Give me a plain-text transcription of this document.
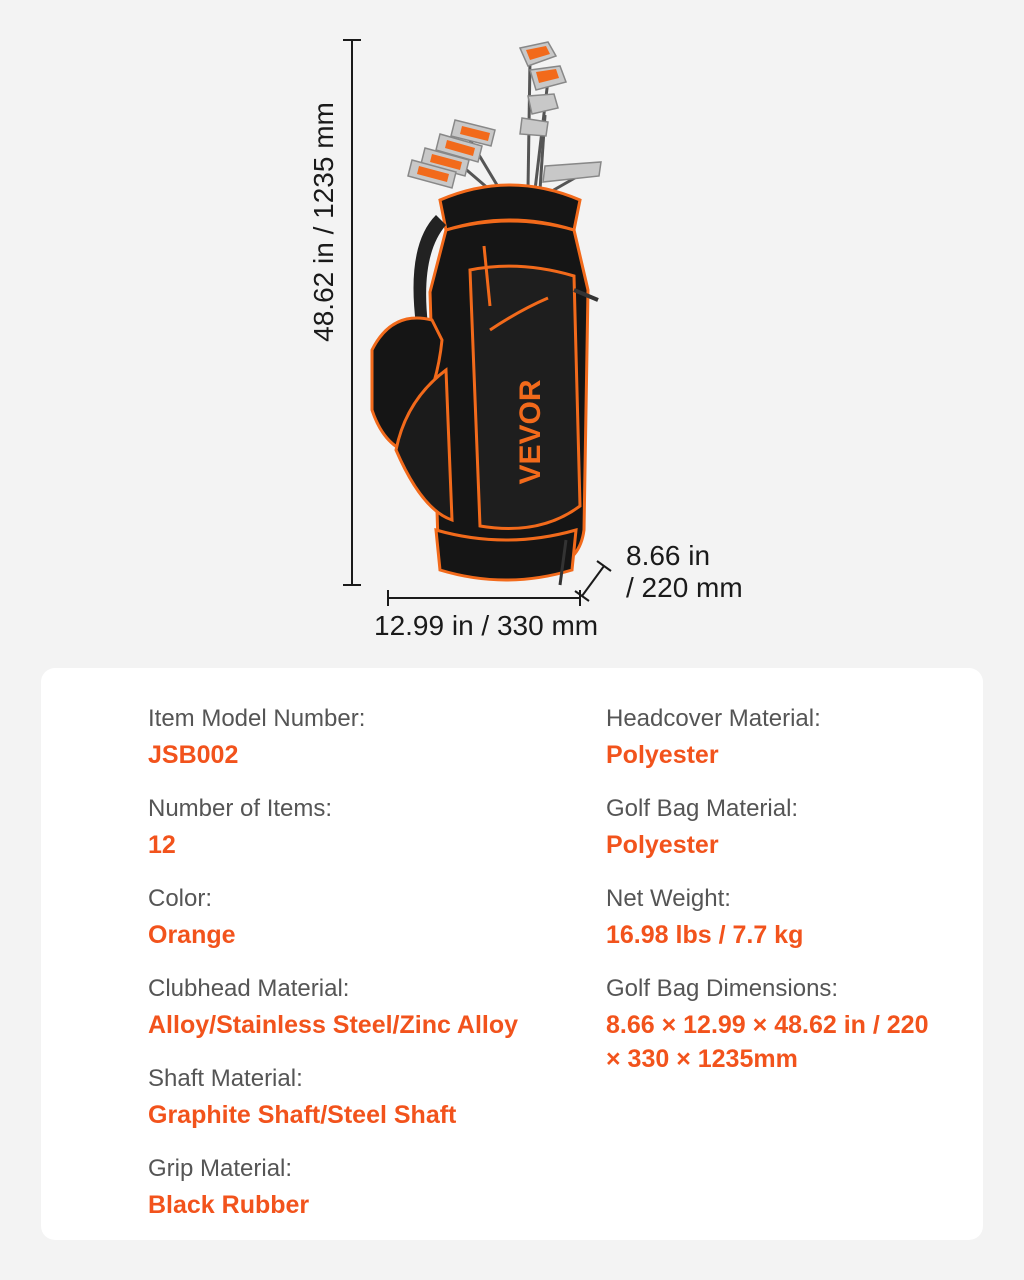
VEVOR
48.62 in / 1235 mm
12.99 in / 330 mm
8.66 in
/ 220 mm
Item Model Number:
JSB002
Number of Items:
12
Color:
Orange
Clubhead Material:
Alloy/Stainless Steel/Zinc Alloy
Shaft Material:
Graphite Shaft/Steel Shaft
Grip Material:
Black Rubber
Headcover Material:
Polyester
Golf Bag Material:
Polyester
Net Weight:
16.98 lbs / 7.7 kg
Golf Bag Dimensions:
8.66 × 12.99 × 48.62 in / 220 × 330 × 1235mm
